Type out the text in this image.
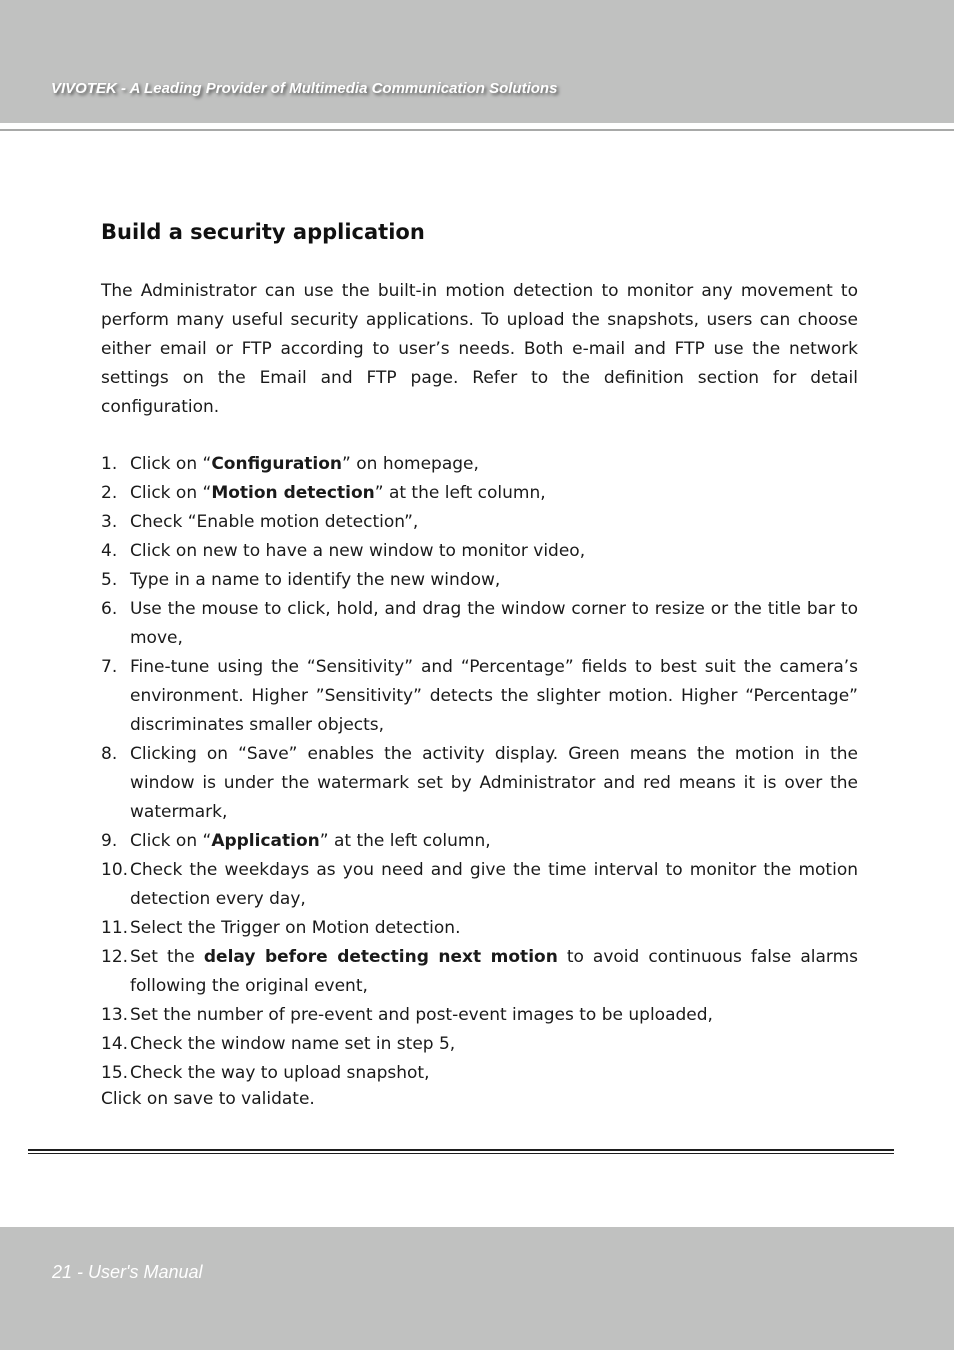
VIVOTEK - A Leading Provider of Multimedia Communication Solutions
Build a security application

The Administrator can use the built-in motion detection to monitor any movement to perform many useful security applications. To upload the snapshots, users can choose either email or FTP according to user’s needs. Both e-mail and FTP use the network settings on the Email and FTP page. Refer to the definition section for detail configuration.

1. Click on “Configuration” on homepage,
2. Click on “Motion detection” at the left column,
3. Check “Enable motion detection”,
4. Click on new to have a new window to monitor video,
5. Type in a name to identify the new window,
6. Use the mouse to click, hold, and drag the window corner to resize or the title bar to move,
7. Fine-tune using the “Sensitivity” and “Percentage” fields to best suit the camera’s environment. Higher ”Sensitivity” detects the slighter motion. Higher “Percentage” discriminates smaller objects,
8. Clicking on “Save” enables the activity display. Green means the motion in the window is under the watermark set by Administrator and red means it is over the watermark,
9. Click on “Application” at the left column,
10. Check the weekdays as you need and give the time interval to monitor the motion detection every day,
11. Select the Trigger on Motion detection.
12. Set the delay before detecting next motion to avoid continuous false alarms following the original event,
13. Set the number of pre-event and post-event images to be uploaded,
14. Check the window name set in step 5,
15. Check the way to upload snapshot,

Click on save to validate.

21 - User's Manual
